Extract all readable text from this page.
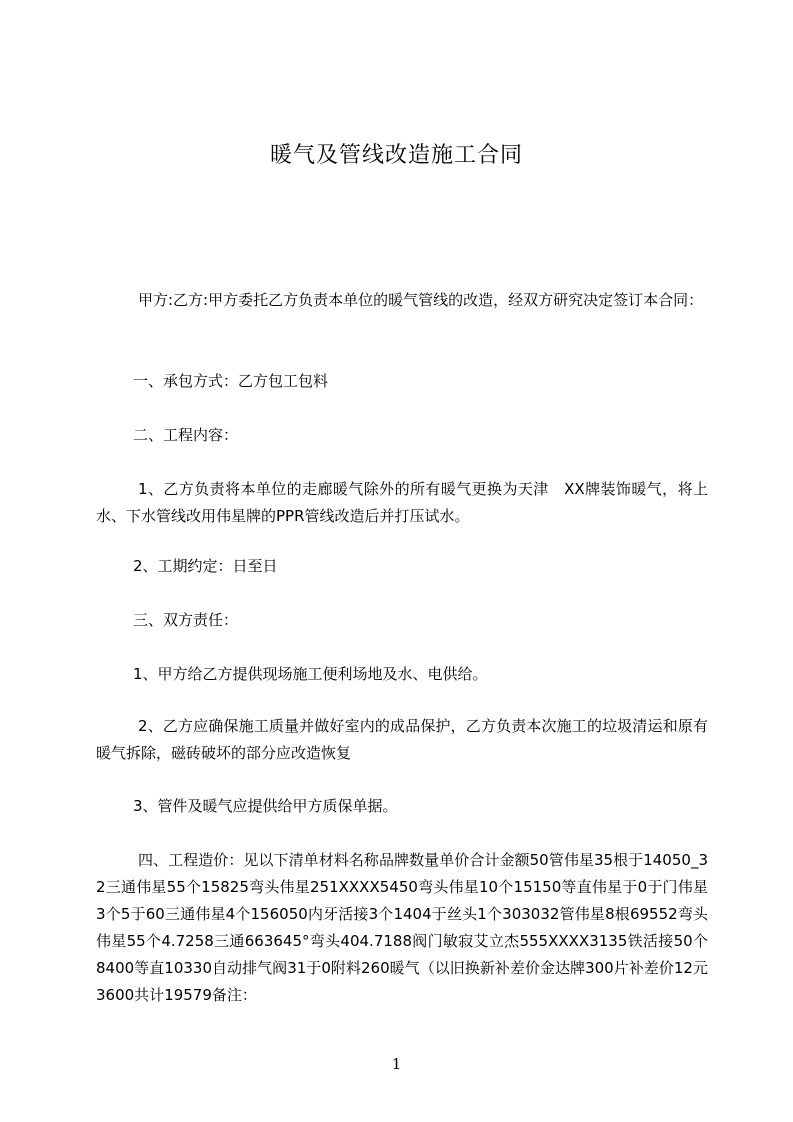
暖气及管线改造施工合同

甲方:乙方:甲方委托乙方负责本单位的暖气管线的改造，经双方研究决定签订本合同：

一、承包方式：乙方包工包料

二、工程内容：

1、乙方负责将本单位的走廊暖气除外的所有暖气更换为天津　XX牌装饰暖气，将上水、下水管线改用伟星牌的PPR管线改造后并打压试水。

2、工期约定：日至日

三、双方责任：

1、甲方给乙方提供现场施工便利场地及水、电供给。

2、乙方应确保施工质量并做好室内的成品保护，乙方负责本次施工的垃圾清运和原有暖气拆除，磁砖破坏的部分应改造恢复

3、管件及暖气应提供给甲方质保单据。

四、工程造价：见以下清单材料名称品牌数量单价合计金额50管伟星35根于14050_32三通伟星55个15825弯头伟星251XXXX5450弯头伟星10个15150等直伟星于0于门伟星3个5于60三通伟星4个156050内牙活接3个1404于丝头1个303032管伟星8根69552弯头伟星55个4.7258三通663645°弯头404.7188阀门敏寂艾立杰555XXXX3135铁活接50个8400等直10330自动排气阀31于0附料260暖气（以旧换新补差价金达牌300片补差价12元3600共计19579备注：

1
